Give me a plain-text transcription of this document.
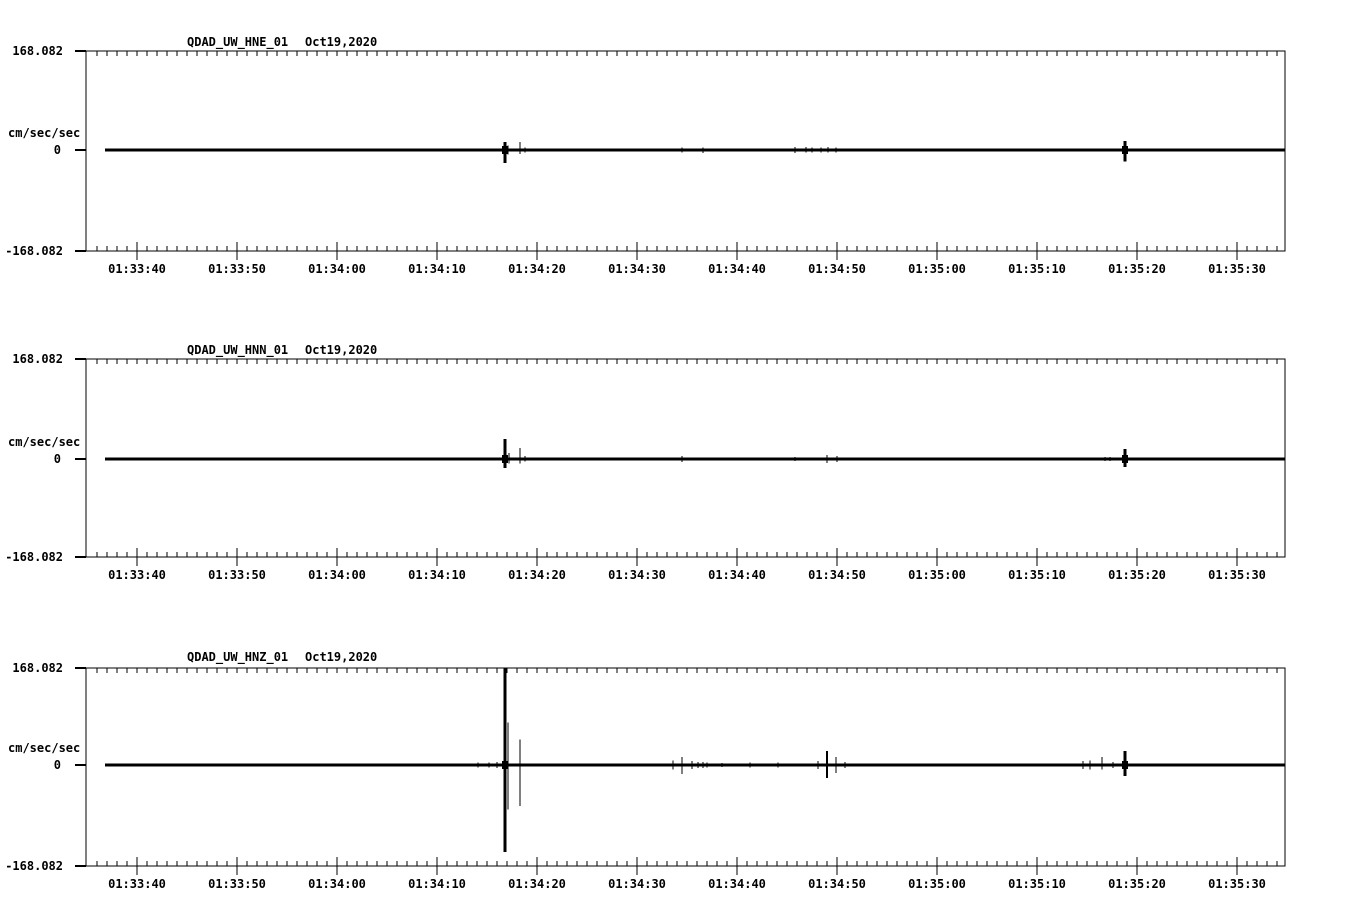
QDAD_UW_HNE_01 Oct19,2020
168.082
cm/sec/sec
0
-168.082
01:33:40	01:33:50	01:34:00	01:34:10	01:34:20	01:34:30	01:34:40	01:34:50	01:35:00	01:35:10	01:35:20	01:35:30
QDAD_UW_HNN_01 Oct19,2020
168.082
cm/sec/sec
0
-168.082
01:33:40	01:33:50	01:34:00	01:34:10	01:34:20	01:34:30	01:34:40	01:34:50	01:35:00	01:35:10	01:35:20	01:35:30
QDAD_UW_HNZ_01 Oct19,2020
168.082
cm/sec/sec
0
-168.082
01:33:40	01:33:50	01:34:00	01:34:10	01:34:20	01:34:30	01:34:40	01:34:50	01:35:00	01:35:10	01:35:20	01:35:30
